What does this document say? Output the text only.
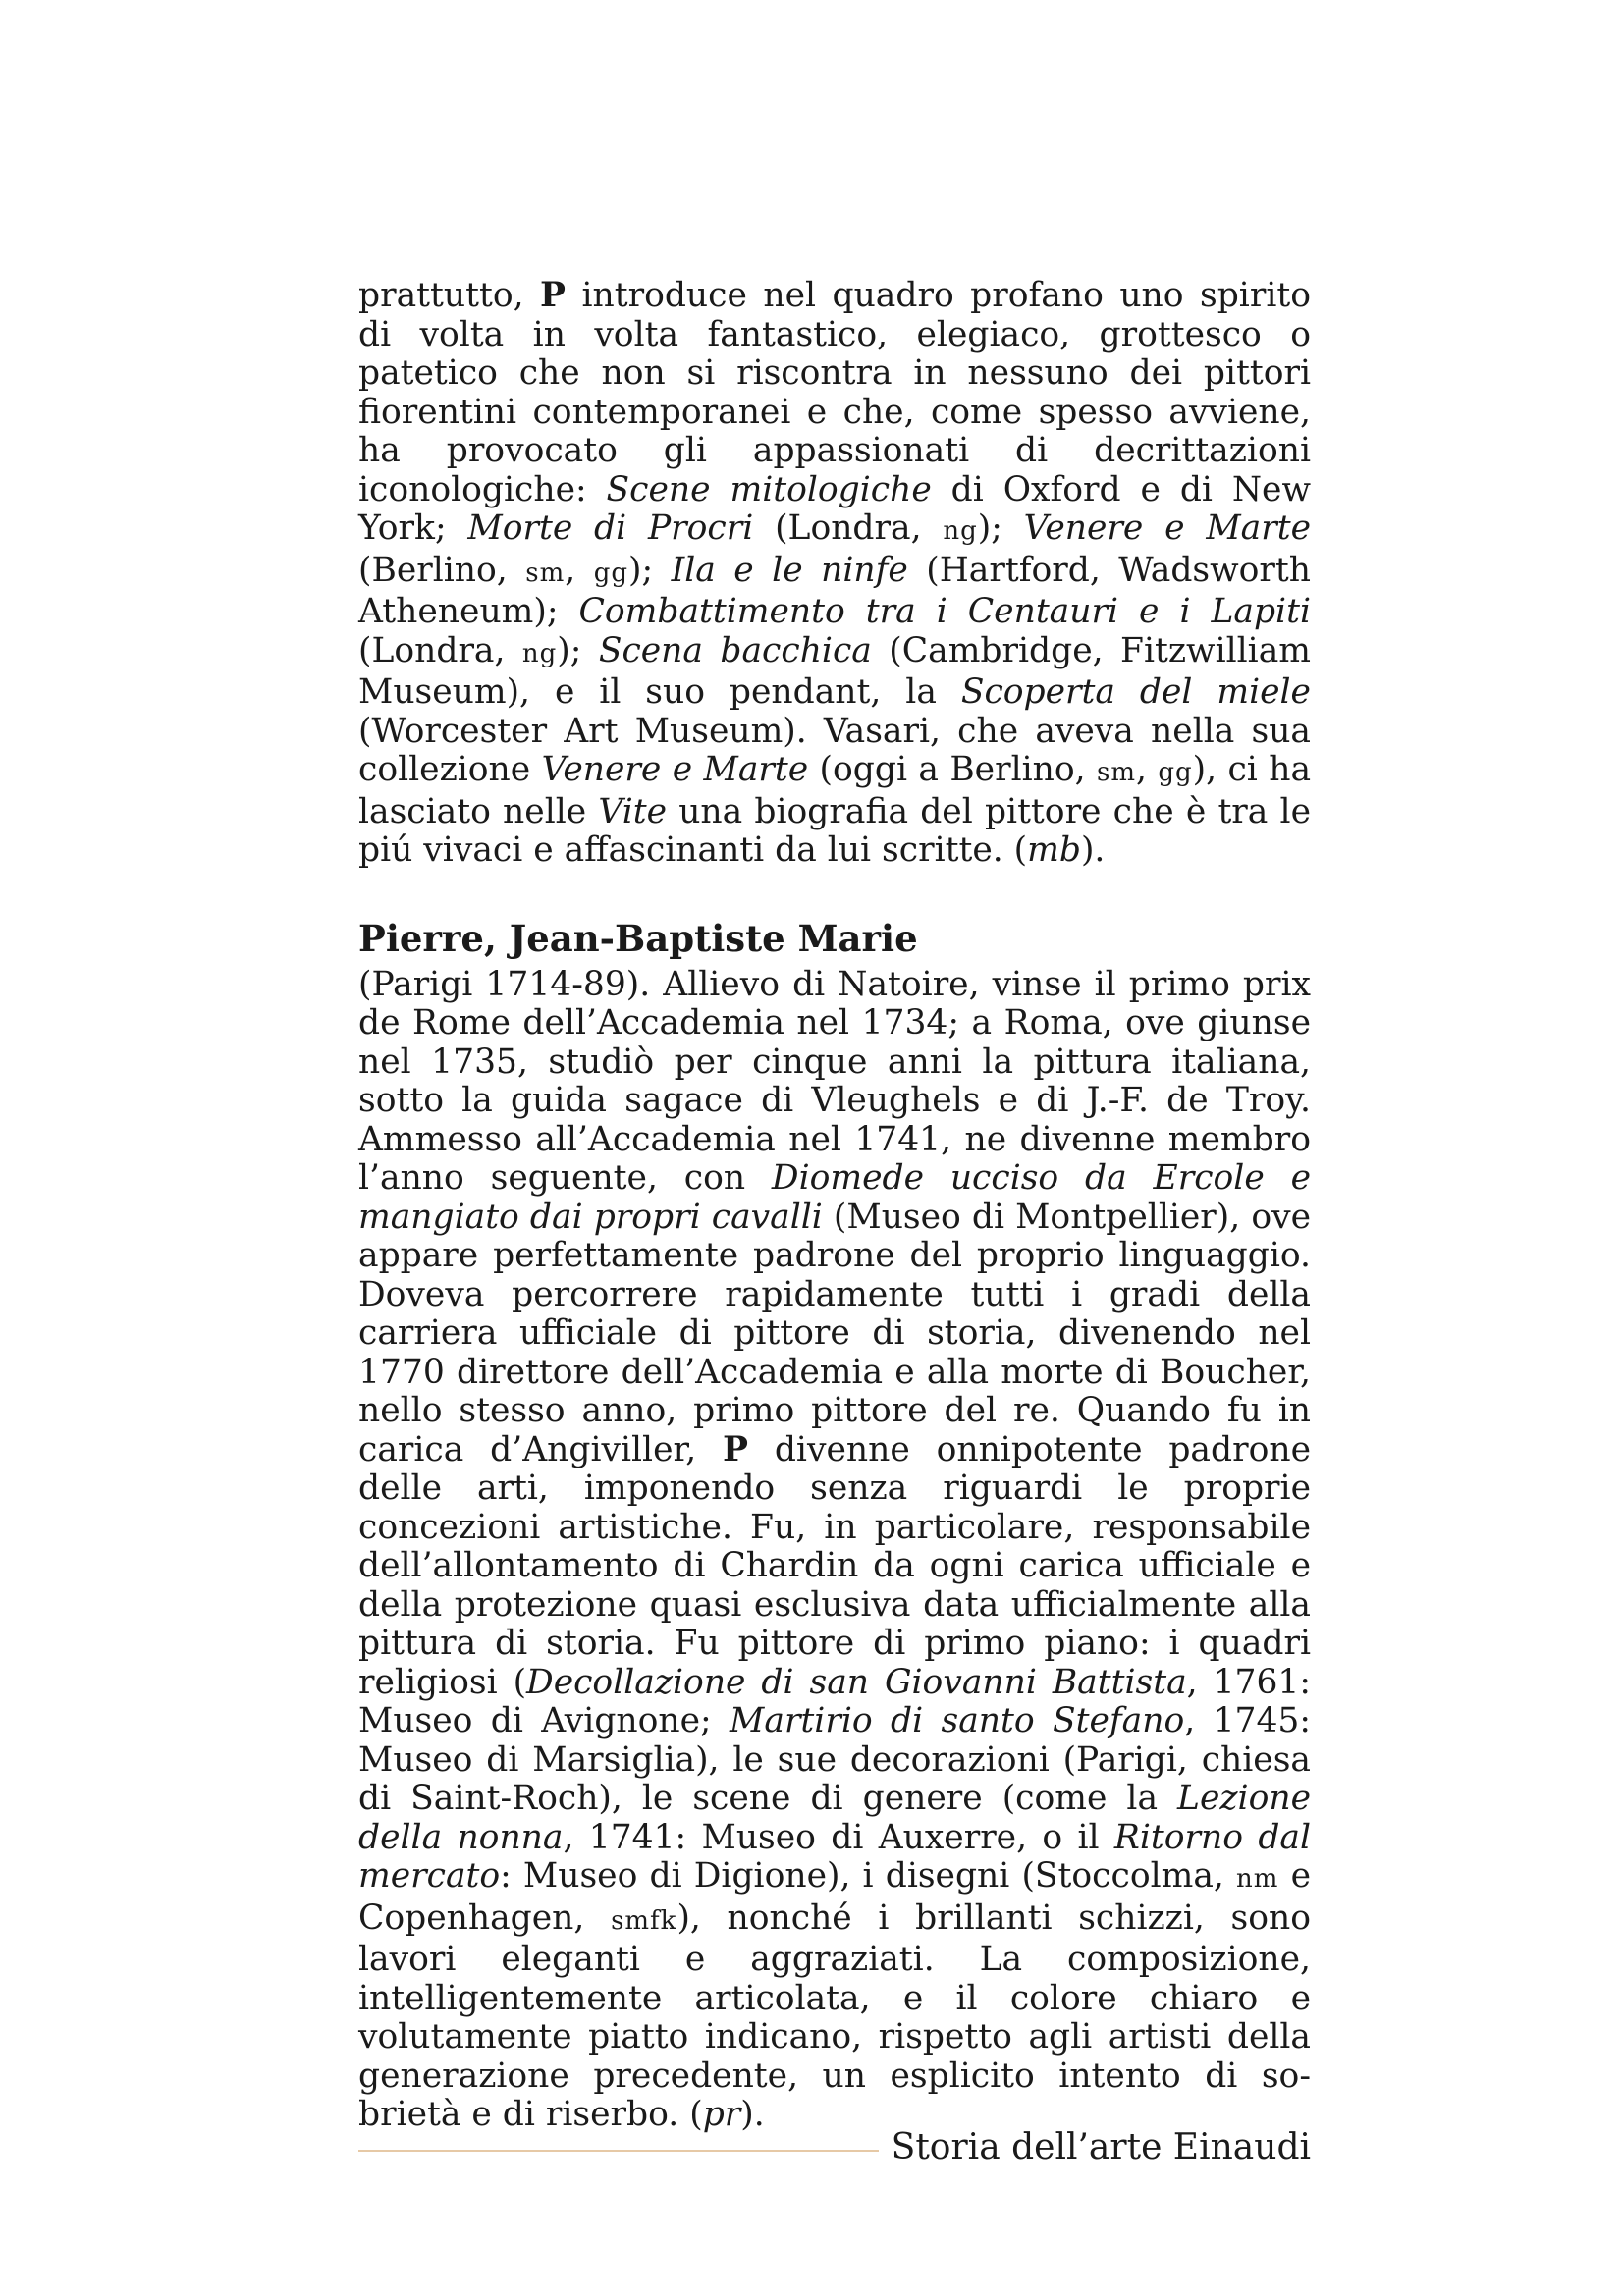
prattutto, P introduce nel quadro profano uno spirito di volta in volta fantastico, elegiaco, grottesco o patetico che non si riscontra in nessuno dei pittori fiorentini contemporanei e che, come spesso avviene, ha provocato gli appassionati di decrittazioni iconologiche: Scene mitologiche di Oxford e di New York; Morte di Procri (Londra, ng); Venere e Marte (Berlino, sm, gg); Ila e le ninfe (Hartford, Wadsworth Atheneum); Combattimento tra i Centauri e i Lapiti (Londra, ng); Scena bacchica (Cambridge, Fitzwilliam Museum), e il suo pendant, la Scoperta del miele (Worcester Art Museum). Vasari, che aveva nella sua collezione Venere e Marte (oggi a Berlino, sm, gg), ci ha lasciato nelle Vite una biografia del pittore che è tra le piú vivaci e affascinanti da lui scritte. (mb).

Pierre, Jean-Baptiste Marie

(Parigi 1714-89). Allievo di Natoire, vinse il primo prix de Rome dell’Accademia nel 1734; a Roma, ove giunse nel 1735, studiò per cinque anni la pittura italiana, sotto la guida sagace di Vleughels e di J.-F. de Troy. Ammesso all’Accademia nel 1741, ne divenne membro l’anno seguente, con Diomede ucciso da Ercole e mangiato dai propri cavalli (Museo di Montpellier), ove appare perfettamente padrone del proprio linguaggio. Doveva percorrere rapidamente tutti i gradi della carriera ufficiale di pittore di storia, divenendo nel 1770 direttore dell’Accademia e alla morte di Boucher, nello stesso anno, primo pittore del re. Quando fu in carica d’Angiviller, P divenne onnipotente padrone delle arti, imponendo senza riguardi le proprie concezioni artistiche. Fu, in particolare, responsabile dell’allontamento di Chardin da ogni carica ufficiale e della protezione quasi esclusiva data ufficialmente alla pittura di storia. Fu pittore di primo piano: i quadri religiosi (Decollazione di san Giovanni Battista, 1761: Museo di Avignone; Martirio di santo Stefano, 1745: Museo di Marsiglia), le sue decorazioni (Parigi, chiesa di Saint-Roch), le scene di genere (come la Lezione della nonna, 1741: Museo di Auxerre, o il Ritorno dal mercato: Museo di Digione), i disegni (Stoccolma, nm e Copenhagen, smfk), nonché i brillanti schizzi, sono lavori eleganti e aggraziati. La composizione, intelligentemente articolata, e il colore chiaro e volutamente piatto indicano, rispetto agli artisti della generazione precedente, un esplicito intento di sobrietà e di riserbo. (pr).

Storia dell’arte Einaudi
